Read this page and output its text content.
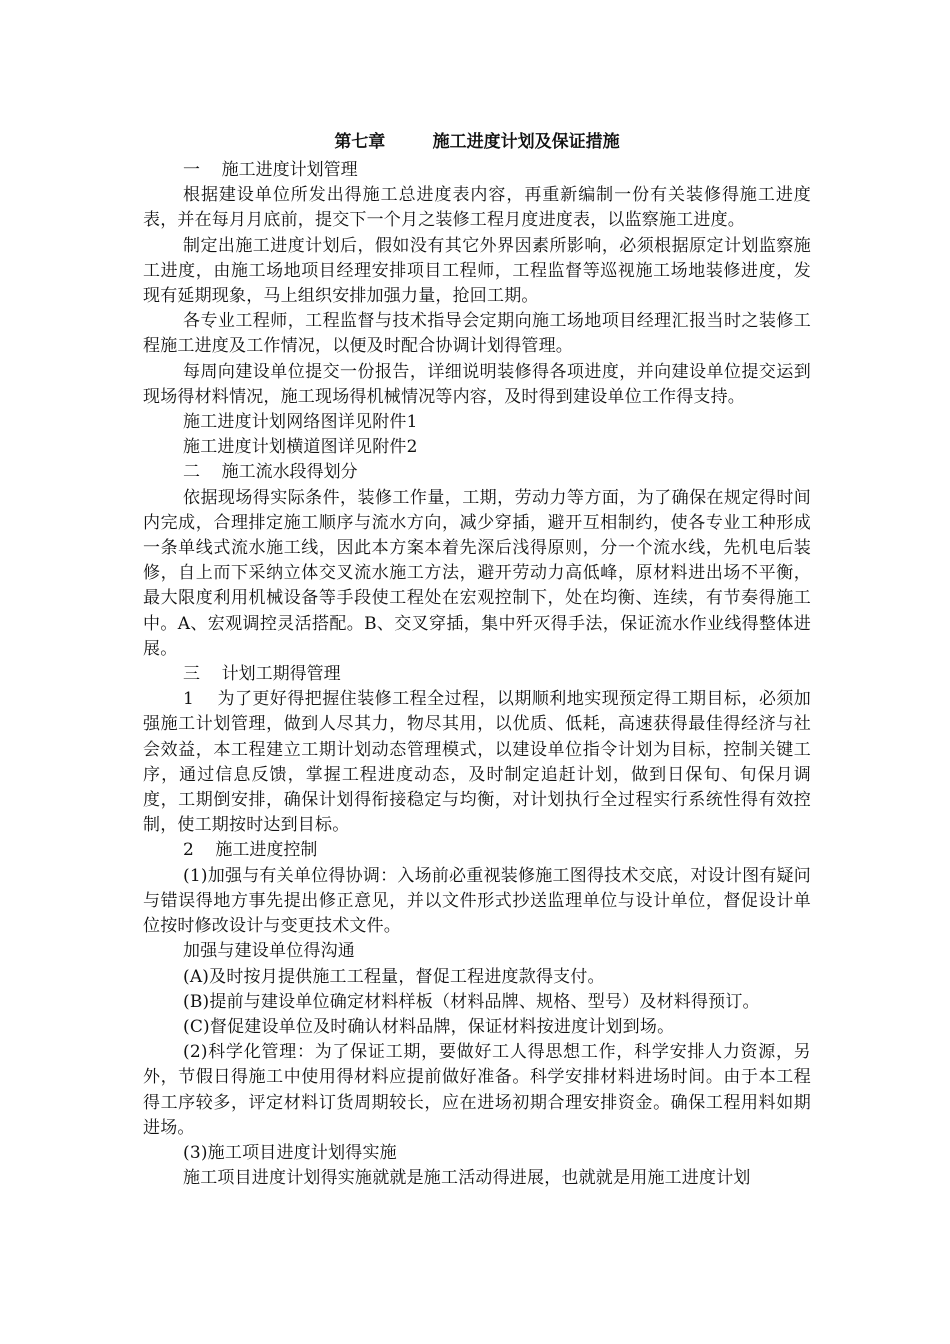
第七章        施工进度计划及保证措施
一    施工进度计划管理

根据建设单位所发出得施工总进度表内容，再重新编制一份有关装修得施工进度表，并在每月月底前，提交下一个月之装修工程月度进度表，以监察施工进度。

制定出施工进度计划后，假如没有其它外界因素所影响，必须根据原定计划监察施工进度，由施工场地项目经理安排项目工程师，工程监督等巡视施工场地装修进度，发现有延期现象，马上组织安排加强力量，抢回工期。

各专业工程师，工程监督与技术指导会定期向施工场地项目经理汇报当时之装修工程施工进度及工作情况，以便及时配合协调计划得管理。

每周向建设单位提交一份报告，详细说明装修得各项进度，并向建设单位提交运到现场得材料情况，施工现场得机械情况等内容，及时得到建设单位工作得支持。

施工进度计划网络图详见附件1

施工进度计划横道图详见附件2

二    施工流水段得划分

依据现场得实际条件，装修工作量，工期，劳动力等方面，为了确保在规定得时间内完成，合理排定施工顺序与流水方向，减少穿插，避开互相制约，使各专业工种形成一条单线式流水施工线，因此本方案本着先深后浅得原则，分一个流水线，先机电后装修，自上而下采纳立体交叉流水施工方法，避开劳动力高低峰，原材料进出场不平衡，最大限度利用机械设备等手段使工程处在宏观控制下，处在均衡、连续，有节奏得施工中。A、宏观调控灵活搭配。B、交叉穿插，集中歼灭得手法，保证流水作业线得整体进展。

三    计划工期得管理

1    为了更好得把握住装修工程全过程，以期顺利地实现预定得工期目标，必须加强施工计划管理，做到人尽其力，物尽其用，以优质、低耗，高速获得最佳得经济与社会效益，本工程建立工期计划动态管理模式，以建设单位指令计划为目标，控制关键工序，通过信息反馈，掌握工程进度动态，及时制定追赶计划，做到日保旬、旬保月调度，工期倒安排，确保计划得衔接稳定与均衡，对计划执行全过程实行系统性得有效控制，使工期按时达到目标。

2    施工进度控制

(1)加强与有关单位得协调：入场前必重视装修施工图得技术交底，对设计图有疑问与错误得地方事先提出修正意见，并以文件形式抄送监理单位与设计单位，督促设计单位按时修改设计与变更技术文件。

加强与建设单位得沟通

(A)及时按月提供施工工程量，督促工程进度款得支付。

(B)提前与建设单位确定材料样板（材料品牌、规格、型号）及材料得预订。

(C)督促建设单位及时确认材料品牌，保证材料按进度计划到场。

(2)科学化管理：为了保证工期，要做好工人得思想工作，科学安排人力资源，另外，节假日得施工中使用得材料应提前做好准备。科学安排材料进场时间。由于本工程得工序较多，评定材料订货周期较长，应在进场初期合理安排资金。确保工程用料如期进场。

(3)施工项目进度计划得实施

施工项目进度计划得实施就就是施工活动得进展，也就就是用施工进度计划
